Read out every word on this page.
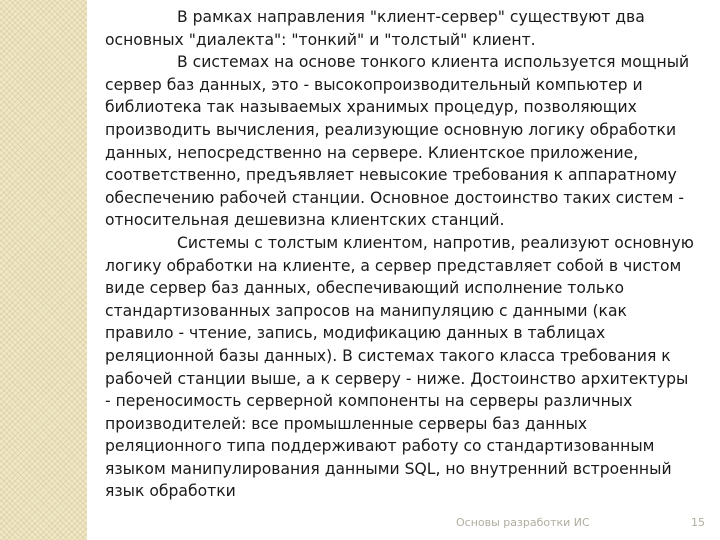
В рамках направления "клиент-сервер" существуют два основных "диалекта": "тонкий" и "толстый" клиент.

В системах на основе тонкого клиента используется мощный сервер баз данных, это - высокопроизводительный компьютер и библиотека так называемых хранимых процедур, позволяющих производить вычисления, реализующие основную логику обработки данных, непосредственно на сервере. Клиентское приложение, соответственно, предъявляет невысокие требования к аппаратному обеспечению рабочей станции. Основное достоинство таких систем - относительная дешевизна клиентских станций.

Системы с толстым клиентом, напротив, реализуют основную логику обработки на клиенте, а сервер представляет собой в чистом виде сервер баз данных, обеспечивающий исполнение только стандартизованных запросов на манипуляцию с данными (как правило - чтение, запись, модификацию данных в таблицах реляционной базы данных). В системах такого класса требования к рабочей станции выше, а к серверу - ниже. Достоинство архитектуры - переносимость серверной компоненты на серверы различных производителей: все промышленные серверы баз данных реляционного типа поддерживают работу со стандартизованным языком манипулирования данными SQL, но внутренний встроенный язык обработки

Основы разработки ИС	15
